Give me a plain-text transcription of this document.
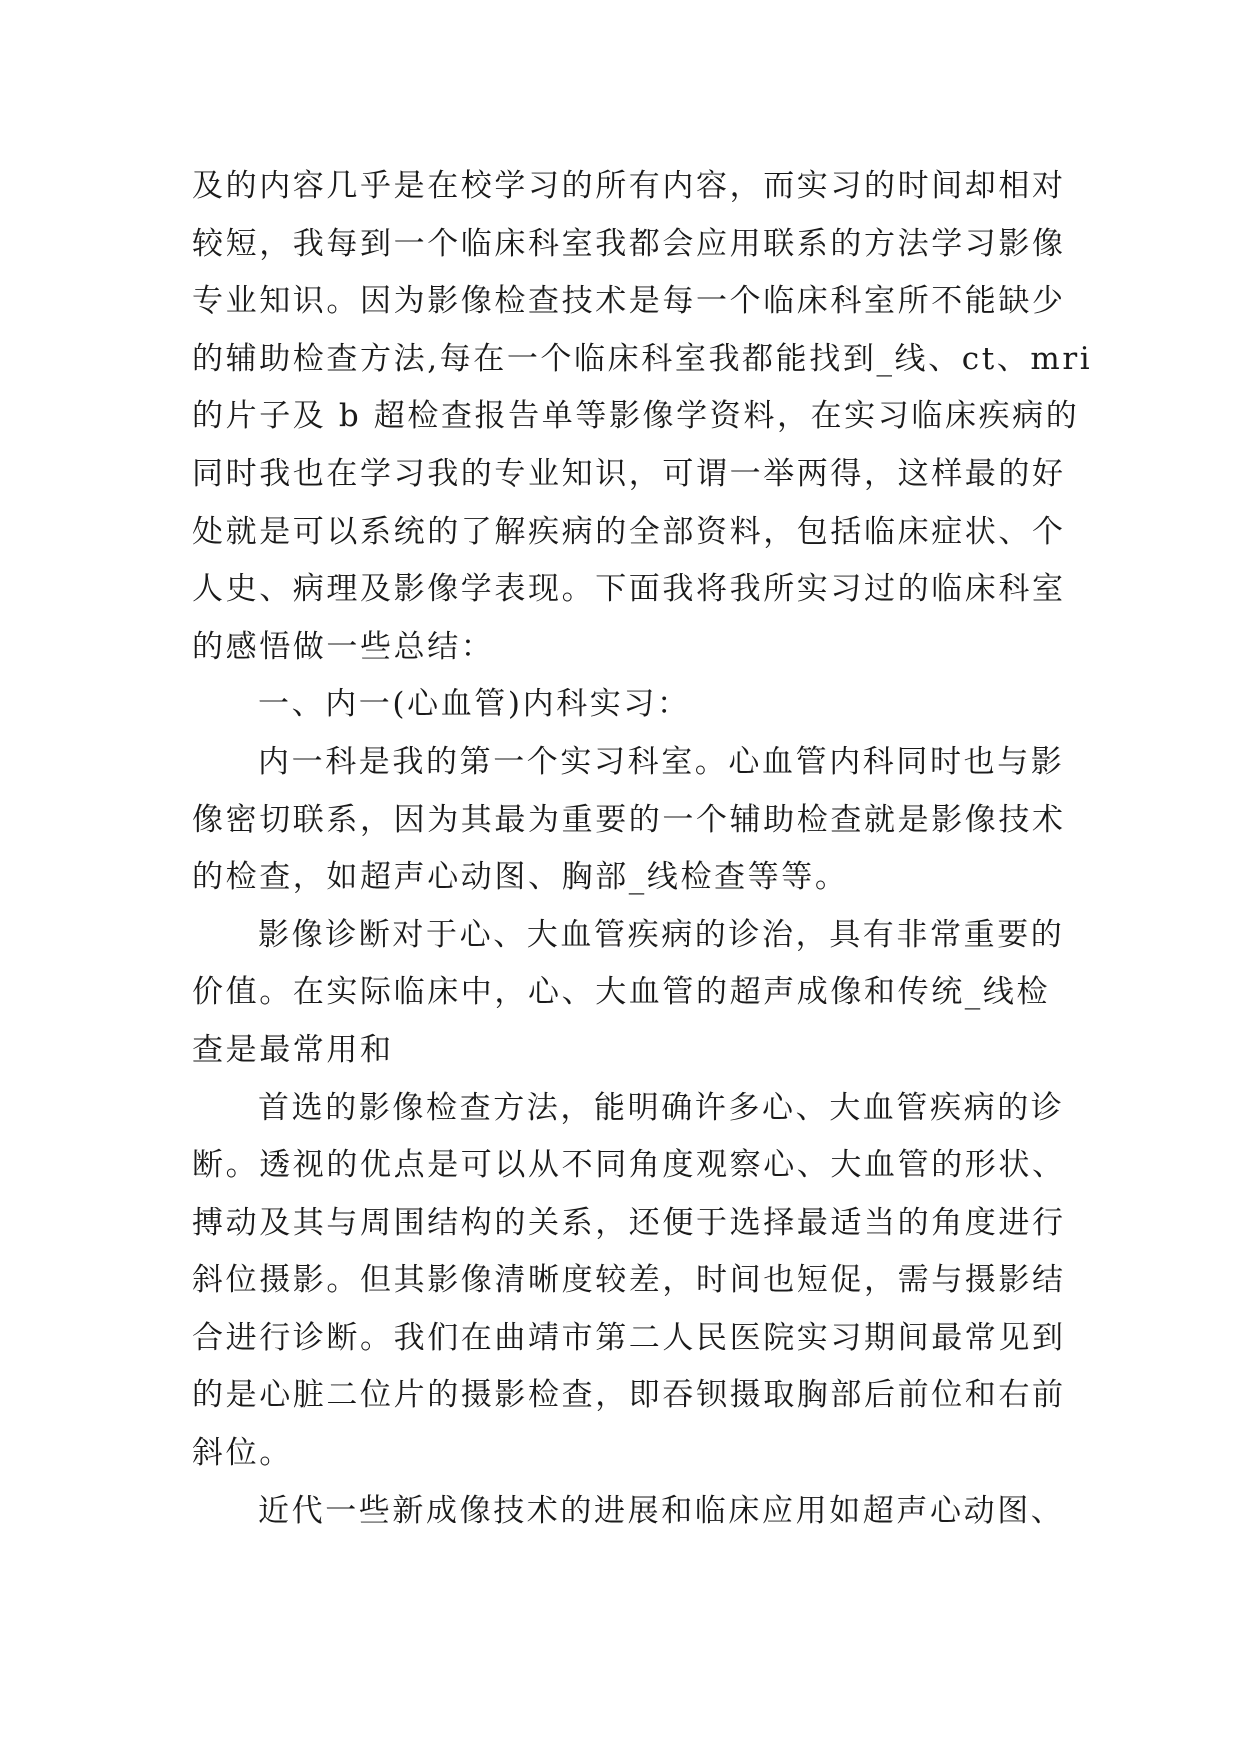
及的内容几乎是在校学习的所有内容，而实习的时间却相对
较短，我每到一个临床科室我都会应用联系的方法学习影像
专业知识。因为影像检查技术是每一个临床科室所不能缺少
的辅助检查方法,每在一个临床科室我都能找到_线、ct、mri
的片子及 b 超检查报告单等影像学资料，在实习临床疾病的
同时我也在学习我的专业知识，可谓一举两得，这样最的好
处就是可以系统的了解疾病的全部资料，包括临床症状、个
人史、病理及影像学表现。下面我将我所实习过的临床科室
的感悟做一些总结：
一、内一(心血管)内科实习：
内一科是我的第一个实习科室。心血管内科同时也与影
像密切联系，因为其最为重要的一个辅助检查就是影像技术
的检查，如超声心动图、胸部_线检查等等。
影像诊断对于心、大血管疾病的诊治，具有非常重要的
价值。在实际临床中，心、大血管的超声成像和传统_线检
查是最常用和
首选的影像检查方法，能明确许多心、大血管疾病的诊
断。透视的优点是可以从不同角度观察心、大血管的形状、
搏动及其与周围结构的关系，还便于选择最适当的角度进行
斜位摄影。但其影像清晰度较差，时间也短促，需与摄影结
合进行诊断。我们在曲靖市第二人民医院实习期间最常见到
的是心脏二位片的摄影检查，即吞钡摄取胸部后前位和右前
斜位。
近代一些新成像技术的进展和临床应用如超声心动图、
